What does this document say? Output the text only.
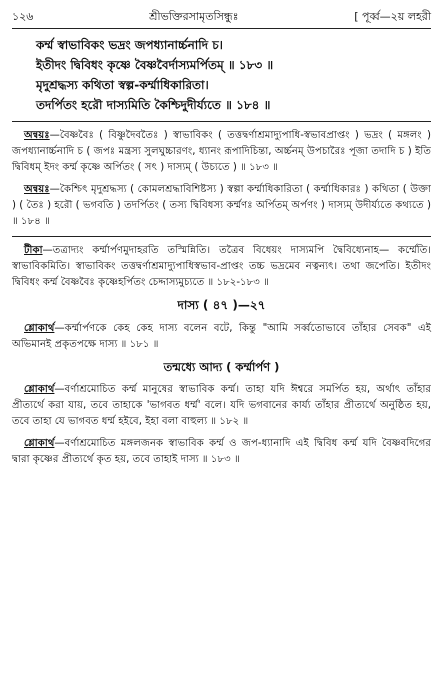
১২৬	শ্রীভক্তিরসামৃতসিন্ধুঃ	[ পূর্ব্ব—২য় লহরী
কর্ম্ম স্বাভাবিকং ভদ্রং জপধ্যানার্চ্চনাদি চ।
ইতীদং দ্বিবিধং কৃষ্ণে বৈষ্ণবৈর্দাস্যমর্পিতম্ ॥ ১৮৩ ॥
মৃদুশ্রদ্ধস্য কথিতা স্বল্প-কর্ম্মাধিকারিতা।
তদর্পিতং হরৌ দাস্যমিতি কৈশ্চিদুদীর্য্যতে ॥ ১৮৪ ॥

অন্বয়ঃ—বৈষ্ণবৈঃ ( বিষ্ণুদৈবতৈঃ ) স্বাভাবিকং ( তত্তদ্বর্ণাশ্রমাদ্যুপাধি-স্বভাবপ্রাপ্তং ) ভদ্রং ( মঙ্গলং ) জপধ্যানার্চ্চনাদি চ ( জপঃ মন্ত্রস্য সুলঘুচ্চারণং, ধ্যানং রূপাদিচিন্তা, অর্চ্চনম্ উপচারৈঃ পূজা তদাদি চ ) ইতি দ্বিবিধম্ ইদং কর্ম্ম কৃষ্ণে অর্পিতং ( সৎ ) দাস্যম্ ( উচ্যতে ) ॥ ১৮৩ ॥

অন্বয়ঃ—কৈশ্চিৎ মৃদুশ্রদ্ধস্য ( কোমলশ্রদ্ধাবিশিষ্টস্য ) স্বল্পা কর্ম্মাধিকারিতা ( কর্ম্মাধিকারঃ ) কথিতা ( উক্তা ) ( তৈঃ ) হরৌ ( ভগবতি ) তদর্পিতং ( তস্য দ্বিবিধস্য কর্ম্মণঃ অর্পিতম্ অর্পণং ) দাস্যম্ উদীর্য্যতে কথ্যতে ) ॥ ১৮৪ ॥

টীকা—তত্রাদ্যং কর্ম্মার্পণমুদাহরতি তস্মিন্নিতি। তত্রৈব বিধেয়ং দাস্যমপি দ্বৈবিধ্যেনাহ— কর্ম্মেতি। স্বাভাবিকমিতি। স্বাভাবিকং তত্তদ্বর্ণাশ্রমাদ্যুপাধিস্বভাব-প্রাপ্তং তচ্চ ভদ্রমেব নত্বন্যৎ। তথা জপেতি। ইতীদং দ্বিবিধং কর্ম্ম বৈষ্ণবৈঃ কৃষ্ণেহর্পিতং চেদ্দাস্যমুচ্যতে ॥ ১৮২-১৮৩ ॥

দাস্য ( ৪৭ )—২৭

শ্লোকার্থ—কর্ম্মার্পণকে কেহ কেহ দাস্য বলেন বটে, কিন্তু "আমি সর্ব্বতোভাবে তাঁহার সেবক" এই অভিমানই প্রকৃতপক্ষে দাস্য ॥ ১৮১ ॥

তন্মধ্যে আদ্য ( কর্ম্মার্পণ )

শ্লোকার্থ—বর্ণাশ্রমোচিত কর্ম্ম মানুষের স্বাভাবিক কর্ম্ম। তাহা যদি ঈশ্বরে সমর্পিত হয়, অর্থাৎ তাঁহার প্রীত্যর্থে করা যায়, তবে তাহাকে 'ভাগবত ধর্ম্ম' বলে। যদি ভগবানের কার্য্য তাঁহার প্রীত্যর্থে অনুষ্ঠিত হয়, তবে তাহা যে ভাগবত ধর্ম্ম হইবে, ইহা বলা বাহুল্য ॥ ১৮২ ॥

শ্লোকার্থ—বর্ণাশ্রমোচিত মঙ্গলজনক স্বাভাবিক কর্ম্ম ও জপ-ধ্যানাদি এই দ্বিবিধ কর্ম্ম যদি বৈষ্ণবদিগের দ্বারা কৃষ্ণের প্রীত্যর্থে কৃত হয়, তবে তাহাই দাস্য ॥ ১৮৩ ॥
